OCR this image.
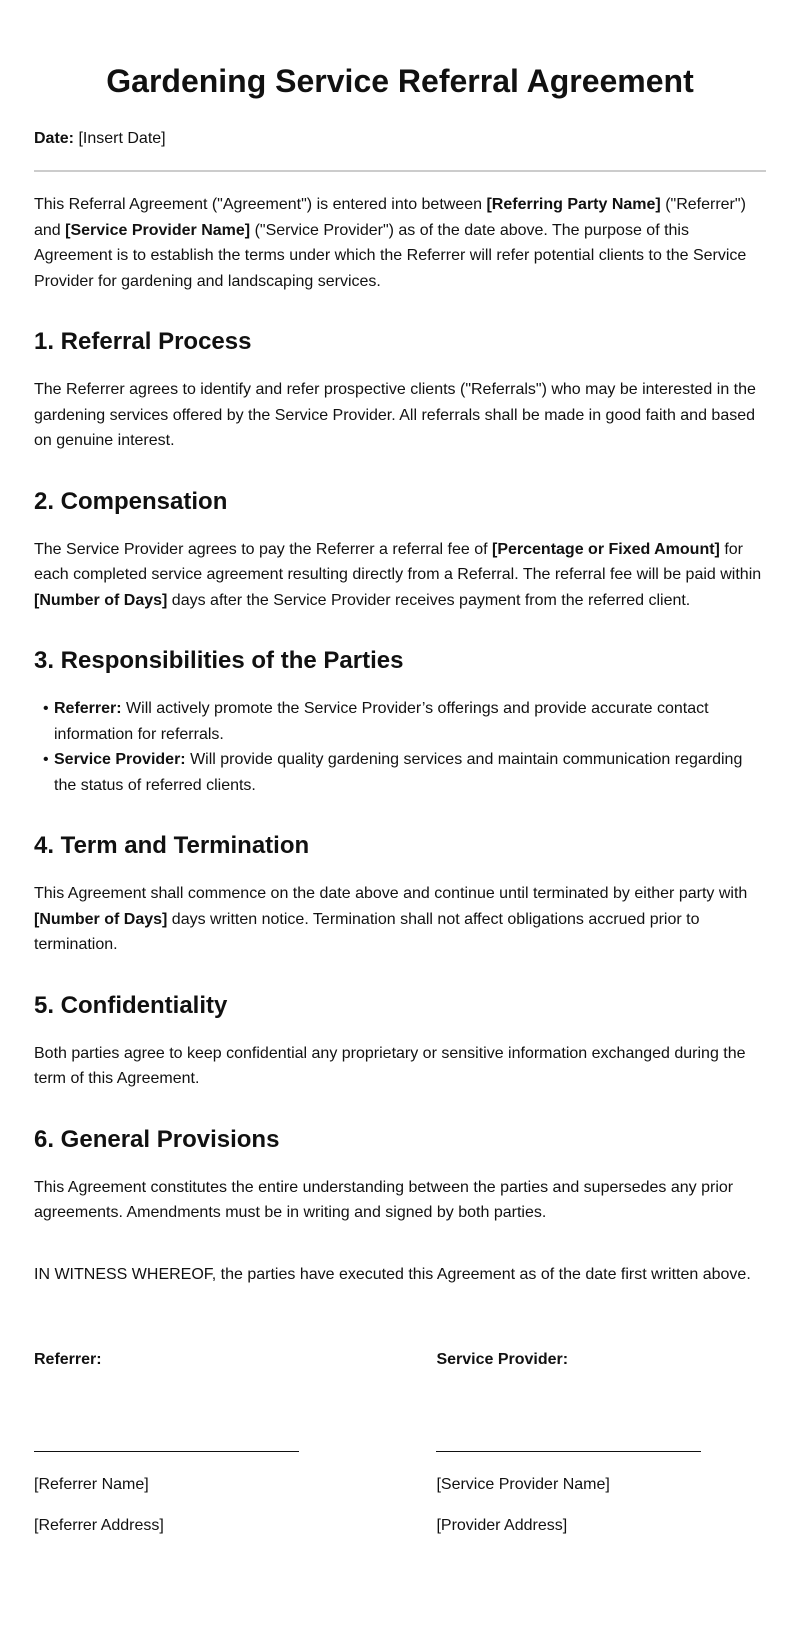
Gardening Service Referral Agreement
Date: [Insert Date]

This Referral Agreement ("Agreement") is entered into between [Referring Party Name] ("Referrer") and [Service Provider Name] ("Service Provider") as of the date above. The purpose of this Agreement is to establish the terms under which the Referrer will refer potential clients to the Service Provider for gardening and landscaping services.

1. Referral Process

The Referrer agrees to identify and refer prospective clients ("Referrals") who may be interested in the gardening services offered by the Service Provider. All referrals shall be made in good faith and based on genuine interest.

2. Compensation

The Service Provider agrees to pay the Referrer a referral fee of [Percentage or Fixed Amount] for each completed service agreement resulting directly from a Referral. The referral fee will be paid within [Number of Days] days after the Service Provider receives payment from the referred client.

3. Responsibilities of the Parties
• Referrer: Will actively promote the Service Provider’s offerings and provide accurate contact information for referrals.
• Service Provider: Will provide quality gardening services and maintain communication regarding the status of referred clients.
4. Term and Termination

This Agreement shall commence on the date above and continue until terminated by either party with [Number of Days] days written notice. Termination shall not affect obligations accrued prior to termination.

5. Confidentiality

Both parties agree to keep confidential any proprietary or sensitive information exchanged during the term of this Agreement.

6. General Provisions

This Agreement constitutes the entire understanding between the parties and supersedes any prior agreements. Amendments must be in writing and signed by both parties.

IN WITNESS WHEREOF, the parties have executed this Agreement as of the date first written above.

Referrer:
[Referrer Name]
[Referrer Address]
Service Provider:
[Service Provider Name]
[Provider Address]
